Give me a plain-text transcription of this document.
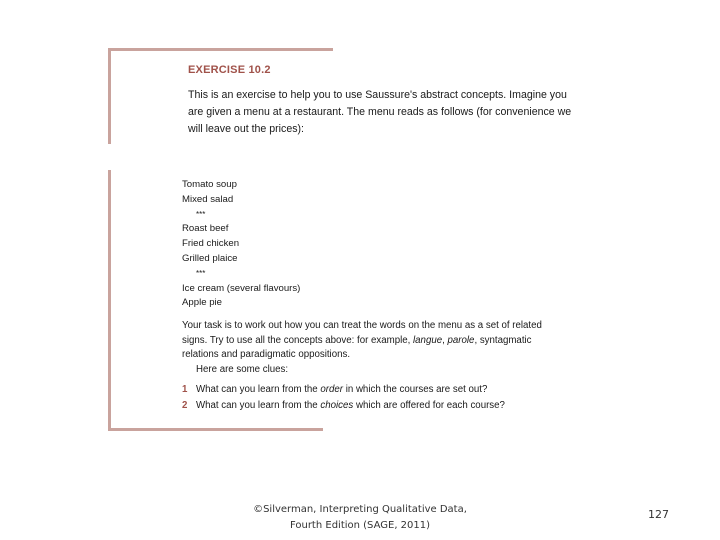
EXERCISE 10.2
This is an exercise to help you to use Saussure's abstract concepts. Imagine you
are given a menu at a restaurant. The menu reads as follows (for convenience we
will leave out the prices):
Tomato soup
Mixed salad
***
Roast beef
Fried chicken
Grilled plaice
***
Ice cream (several flavours)
Apple pie
Your task is to work out how you can treat the words on the menu as a set of related
signs. Try to use all the concepts above: for example, langue, parole, syntagmatic
relations and paradigmatic oppositions.
Here are some clues:
1 What can you learn from the order in which the courses are set out?
2 What can you learn from the choices which are offered for each course?
©Silverman, Interpreting Qualitative Data,
Fourth Edition (SAGE, 2011)
127
